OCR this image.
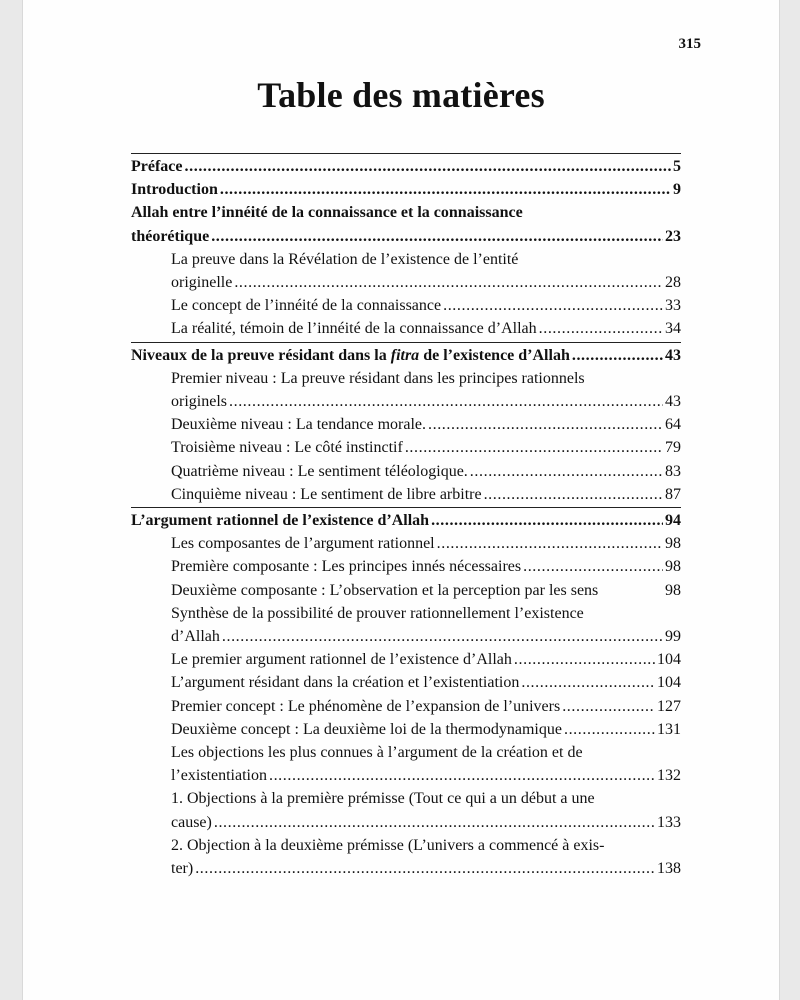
315
Table des matières
Préface .....	5
Introduction .....	9
Allah entre l’innéité de la connaissance et la connaissance
théorétique .....	23
La preuve dans la Révélation de l’existence de l’entité
originelle .....	28
Le concept de l’innéité de la connaissance .....	33
La réalité, témoin de l’innéité de la connaissance d’Allah .....	34
Niveaux de la preuve résidant dans la fitra de l’existence d’Allah .....	43
Premier niveau : La preuve résidant dans les principes rationnels
originels .....	43
Deuxième niveau : La tendance morale. .....	64
Troisième niveau : Le côté instinctif .....	79
Quatrième niveau : Le sentiment téléologique. .....	83
Cinquième niveau : Le sentiment de libre arbitre .....	87
L’argument rationnel de l’existence d’Allah .....	94
Les composantes de l’argument rationnel .....	98
Première composante : Les principes innés nécessaires .....	98
Deuxième composante : L’observation et la perception par les sens	98
Synthèse de la possibilité de prouver rationnellement l’existence
d’Allah .....	99
Le premier argument rationnel de l’existence d’Allah .....	104
L’argument résidant dans la création et l’existentiation .....	104
Premier concept : Le phénomène de l’expansion de l’univers .....	127
Deuxième concept : La deuxième loi de la thermodynamique .....	131
Les objections les plus connues à l’argument de la création et de
l’existentiation .....	132
1. Objections à la première prémisse (Tout ce qui a un début a une
cause) .....	133
2. Objection à la deuxième prémisse (L’univers a commencé à exis-
ter) .....	138
